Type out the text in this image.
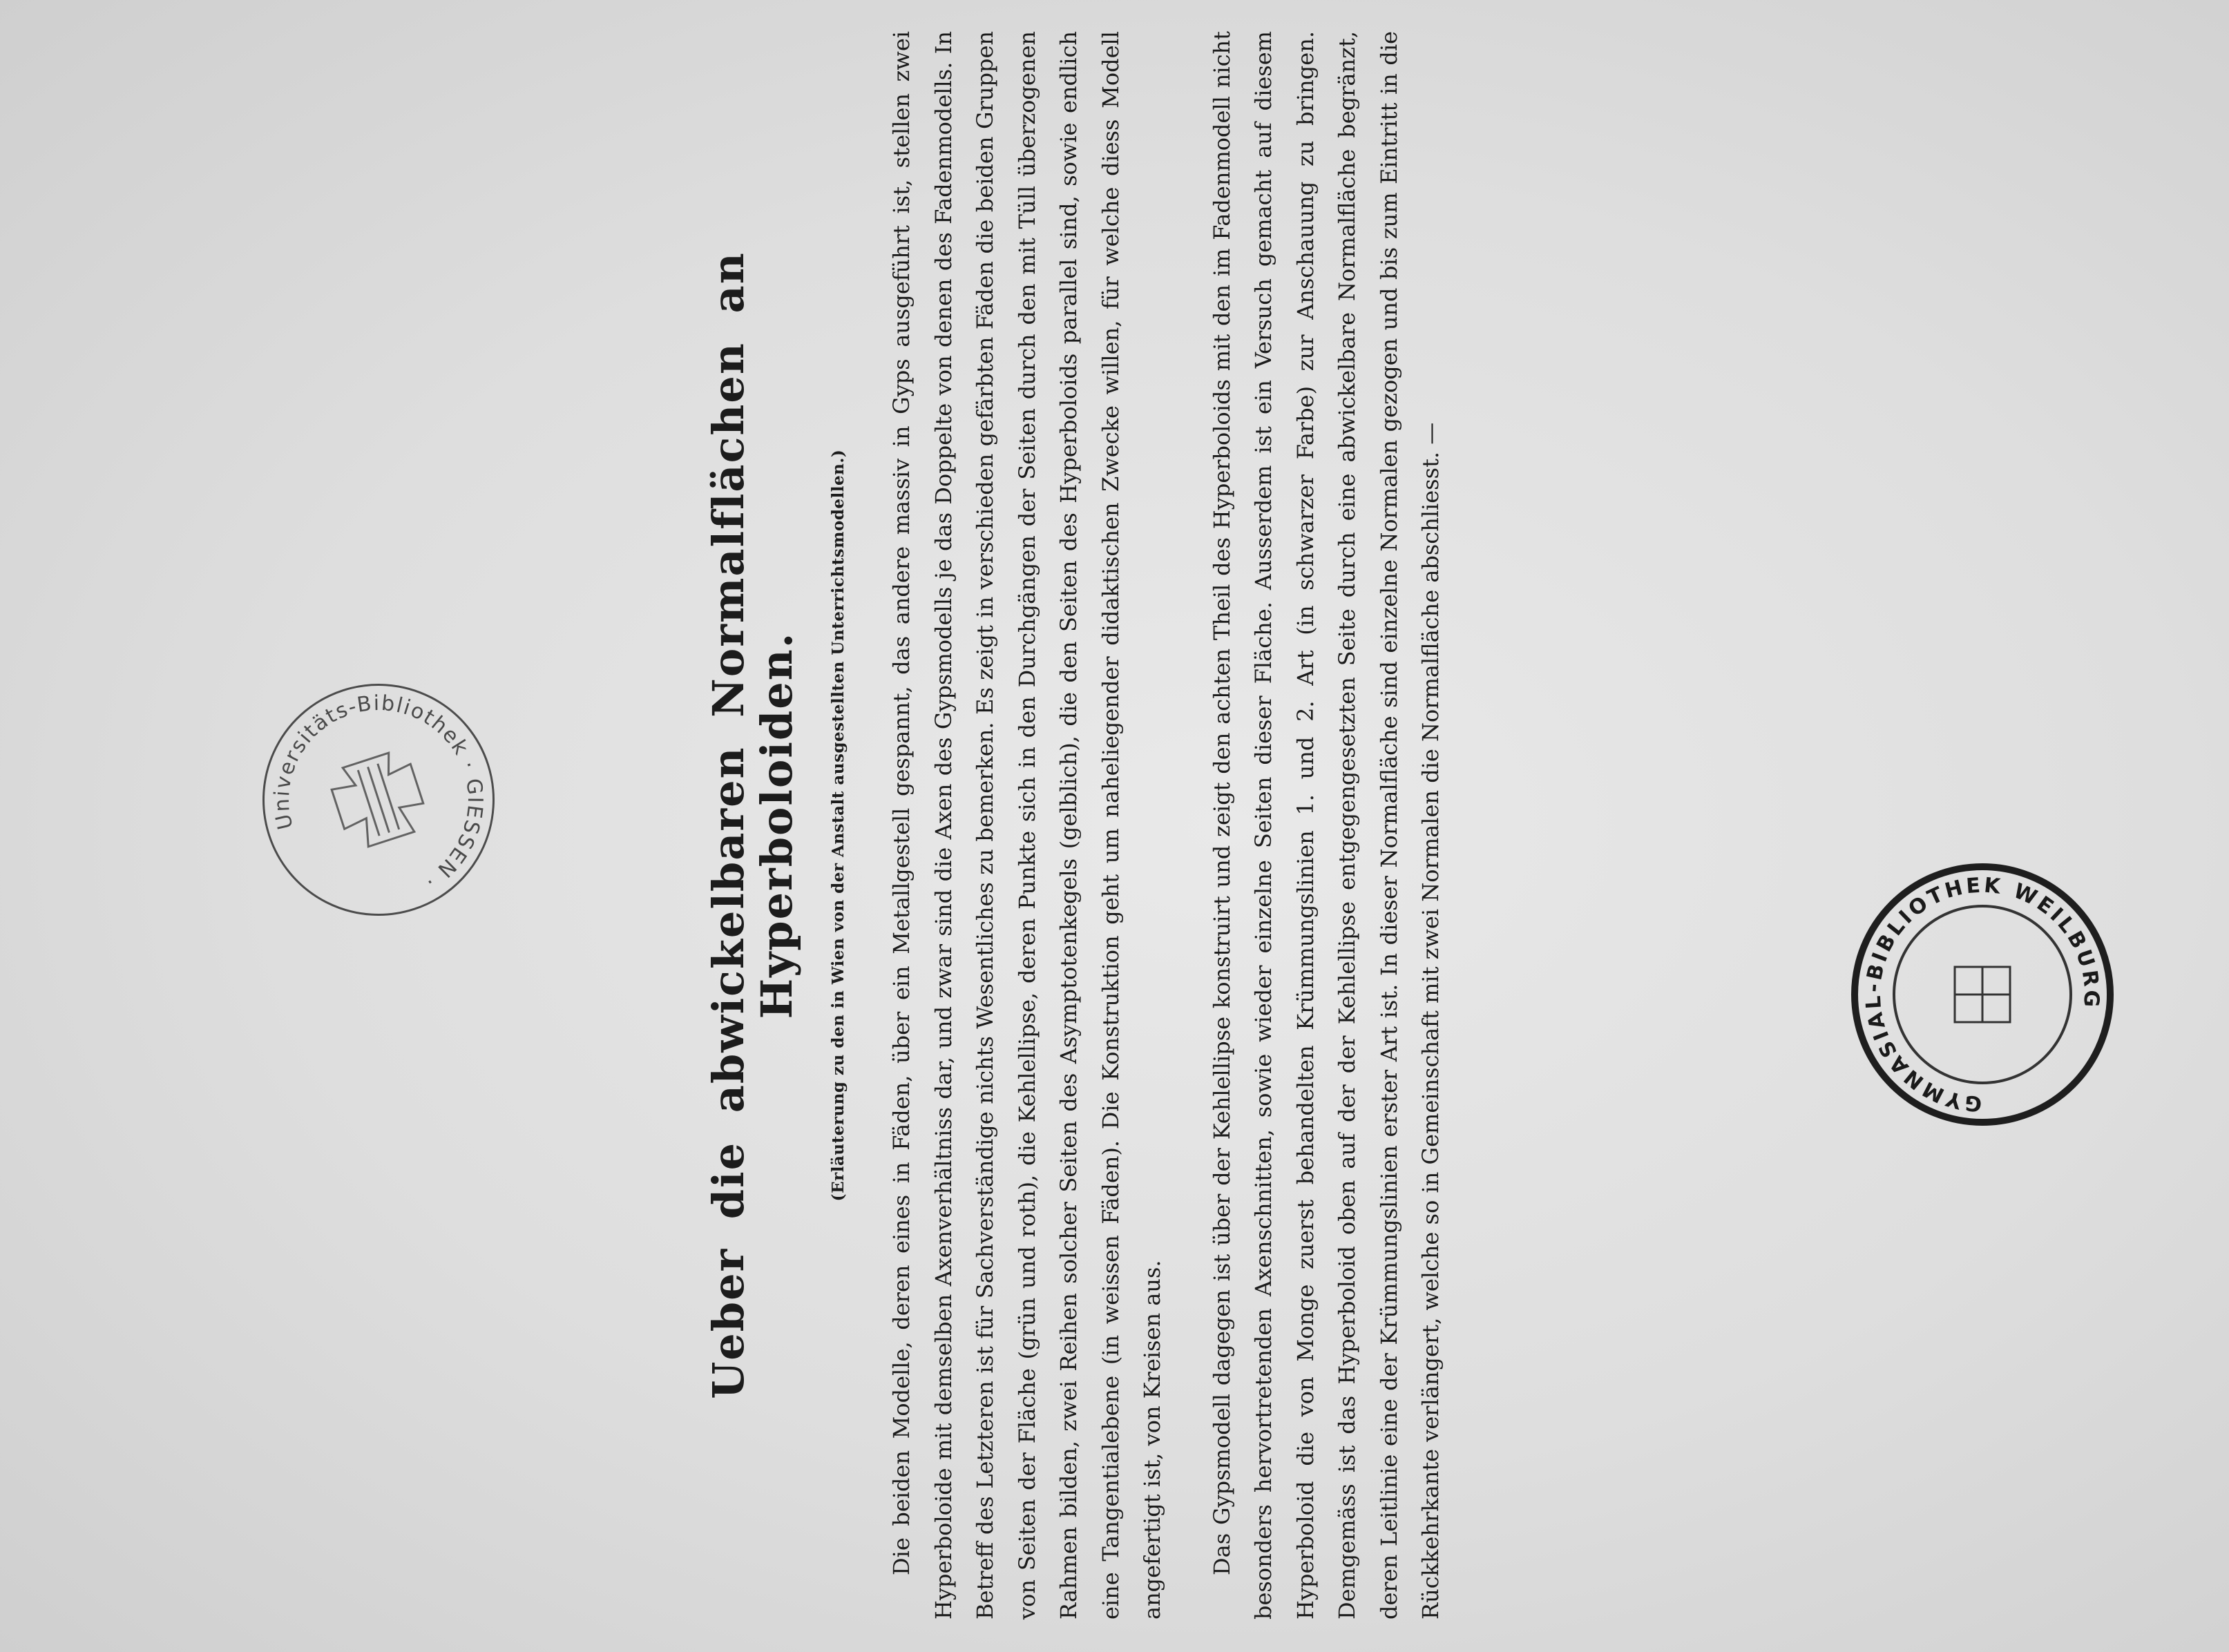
Ueber die abwickelbaren Normalflächen an
Hyperboloiden. (Erläuterung zu den in Wien von der Anstalt ausgestellten Unterrichtsmodellen.)	Die beiden Modelle, deren eines in Fäden, über ein Metallgestell gespannt, das andere massiv in Gyps ausgeführt ist, stellen zwei Hyperboloide mit demselben Axenverhältniss dar, und zwar sind die Axen des Gypsmodells je das Doppelte von denen des Fadenmodells. In Betreff des Letzteren ist für Sachverständige nichts Wesentliches zu bemerken. Es zeigt in verschieden gefärbten Fäden die beiden Gruppen von Seiten der Fläche (grün und roth), die Kehlellipse, deren Punkte sich in den Durchgängen der Seiten durch den mit Tüll überzogenen Rahmen bilden, zwei Reihen solcher Seiten des Asymptotenkegels (gelblich), die den Seiten des Hyperboloids parallel sind, sowie endlich eine Tangentialebene (in weissen Fäden). Die Konstruktion geht um naheliegender didaktischen Zwecke willen, für welche diess Modell angefertigt ist, von Kreisen aus.	Das Gypsmodell dagegen ist über der Kehlellipse konstruirt und zeigt den achten Theil des Hyperboloids mit den im Fadenmodell nicht besonders hervortretenden Axenschnitten, sowie wieder einzelne Seiten dieser Fläche. Ausserdem ist ein Versuch gemacht auf diesem Hyperboloid die von Monge zuerst behandelten Krümmungslinien 1. und 2. Art (in schwarzer Farbe) zur Anschauung zu bringen. Demgemäss ist das Hyperboloid oben auf der der Kehlellipse entgegengesetzten Seite durch eine abwickelbare Normalfläche begränzt, deren Leitlinie eine der Krümmungslinien erster Art ist. In dieser Normalfläche sind einzelne Normalen gezogen und bis zum Eintritt in die Rückkehrkante verlängert, welche so in Gemeinschaft mit zwei Normalen die Normalfläche abschliesst. —

Universitäts-Bibliothek · GIESSEN ·
GYMNASIAL-BIBLIOTHEK WEILBURG
